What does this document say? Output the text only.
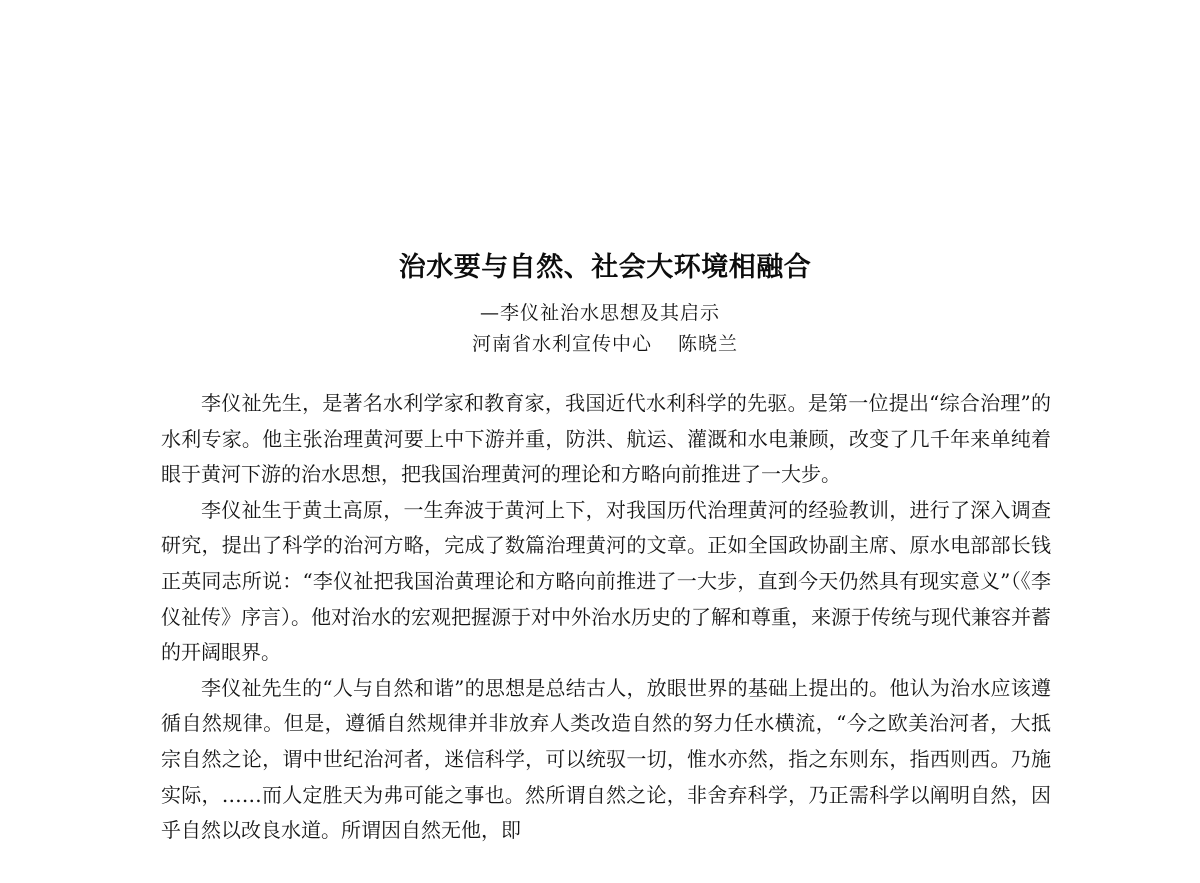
治水要与自然、社会大环境相融合
—李仪祉治水思想及其启示
河南省水利宣传中心 陈晓兰

李仪祉先生，是著名水利学家和教育家，我国近代水利科学的先驱。是第一位提出“综合治理”的水利专家。他主张治理黄河要上中下游并重，防洪、航运、灌溉和水电兼顾，改变了几千年来单纯着眼于黄河下游的治水思想，把我国治理黄河的理论和方略向前推进了一大步。

李仪祉生于黄土高原，一生奔波于黄河上下，对我国历代治理黄河的经验教训，进行了深入调查研究，提出了科学的治河方略，完成了数篇治理黄河的文章。正如全国政协副主席、原水电部部长钱正英同志所说：“李仪祉把我国治黄理论和方略向前推进了一大步，直到今天仍然具有现实意义”（《李仪祉传》序言）。他对治水的宏观把握源于对中外治水历史的了解和尊重，来源于传统与现代兼容并蓄的开阔眼界。

李仪祉先生的“人与自然和谐”的思想是总结古人，放眼世界的基础上提出的。他认为治水应该遵循自然规律。但是，遵循自然规律并非放弃人类改造自然的努力任水横流，“今之欧美治河者，大抵宗自然之论，谓中世纪治河者，迷信科学，可以统驭一切，惟水亦然，指之东则东，指西则西。乃施实际，……而人定胜天为弗可能之事也。然所谓自然之论，非舍弃科学，乃正需科学以阐明自然，因乎自然以改良水道。所谓因自然无他，即
